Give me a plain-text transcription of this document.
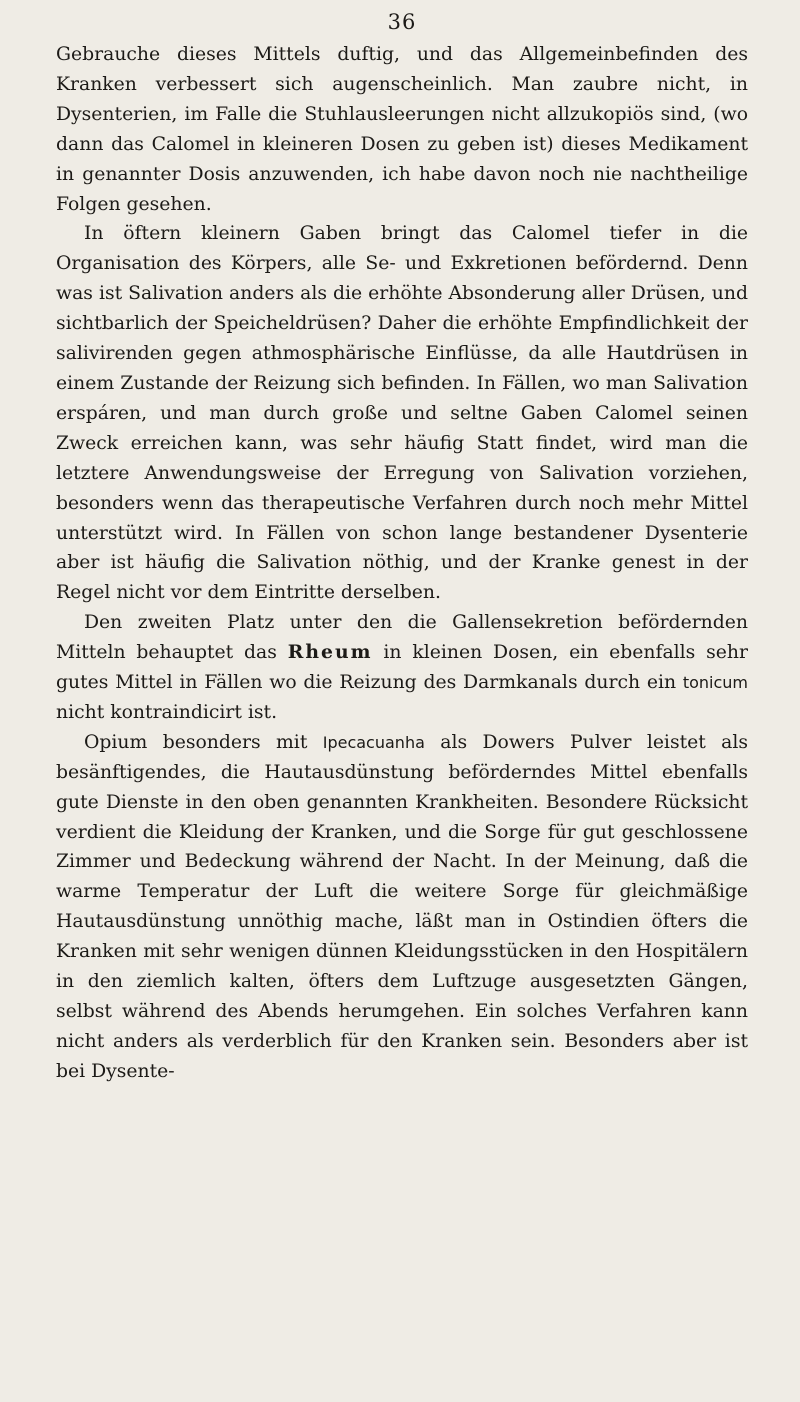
36

Gebrauche dieses Mittels duftig, und das Allgemeinbefinden des Kranken verbessert sich augenscheinlich. Man zaubre nicht, in Dysenterien, im Falle die Stuhlausleerungen nicht allzukopiös sind, (wo dann das Calomel in kleineren Dosen zu geben ist) dieses Medikament in genannter Dosis anzuwenden, ich habe davon noch nie nachtheilige Folgen gesehen.

In öftern kleinern Gaben bringt das Calomel tiefer in die Organisation des Körpers, alle Se- und Exkretionen befördernd. Denn was ist Salivation anders als die erhöhte Absonderung aller Drüsen, und sichtbarlich der Speicheldrüsen? Daher die erhöhte Empfindlichkeit der salivirenden gegen athmosphärische Einflüsse, da alle Hautdrüsen in einem Zustande der Reizung sich befinden. In Fällen, wo man Salivation erspáren, und man durch große und seltne Gaben Calomel seinen Zweck erreichen kann, was sehr häufig Statt findet, wird man die letztere Anwendungsweise der Erregung von Salivation vorziehen, besonders wenn das therapeutische Verfahren durch noch mehr Mittel unterstützt wird. In Fällen von schon lange bestandener Dysenterie aber ist häufig die Salivation nöthig, und der Kranke genest in der Regel nicht vor dem Eintritte derselben.

Den zweiten Platz unter den die Gallensekretion befördernden Mitteln behauptet das Rheum in kleinen Dosen, ein ebenfalls sehr gutes Mittel in Fällen wo die Reizung des Darmkanals durch ein tonicum nicht kontraindicirt ist.

Opium besonders mit Ipecacuanha als Dowers Pulver leistet als besänftigendes, die Hautausdünstung beförderndes Mittel ebenfalls gute Dienste in den oben genannten Krankheiten. Besondere Rücksicht verdient die Kleidung der Kranken, und die Sorge für gut geschlossene Zimmer und Bedeckung während der Nacht. In der Meinung, daß die warme Temperatur der Luft die weitere Sorge für gleichmäßige Hautausdünstung unnöthig mache, läßt man in Ostindien öfters die Kranken mit sehr wenigen dünnen Kleidungsstücken in den Hospitälern in den ziemlich kalten, öfters dem Luftzuge ausgesetzten Gängen, selbst während des Abends herumgehen. Ein solches Verfahren kann nicht anders als verderblich für den Kranken sein. Besonders aber ist bei Dysente-
